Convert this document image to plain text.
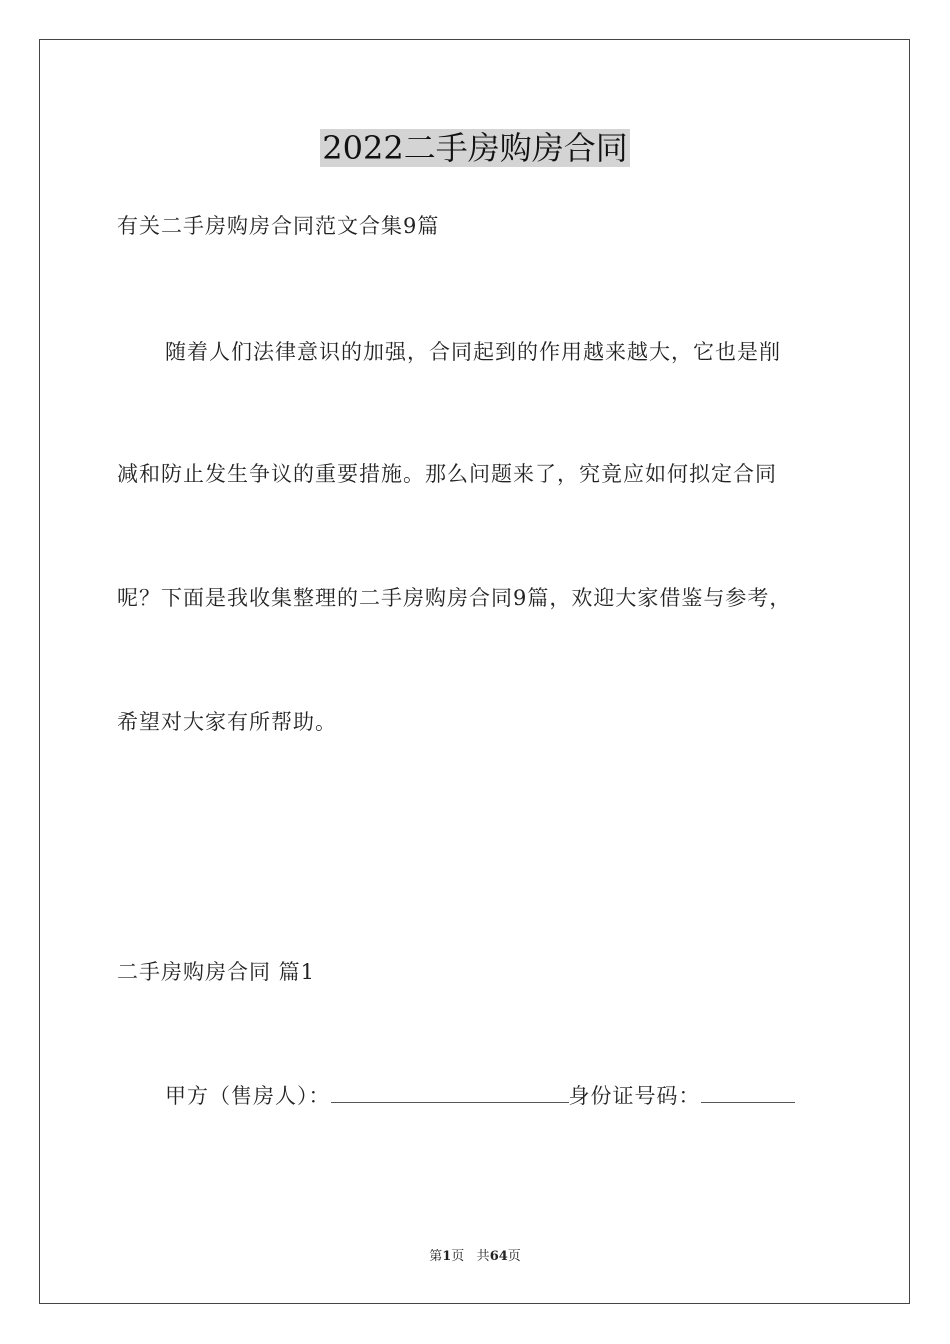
2022二手房购房合同
有关二手房购房合同范文合集9篇
随着人们法律意识的加强，合同起到的作用越来越大，它也是削
减和防止发生争议的重要措施。那么问题来了，究竟应如何拟定合同
呢？下面是我收集整理的二手房购房合同9篇，欢迎大家借鉴与参考，
希望对大家有所帮助。
二手房购房合同 篇1
甲方（售房人）：	身份证号码：
第1页 共64页
